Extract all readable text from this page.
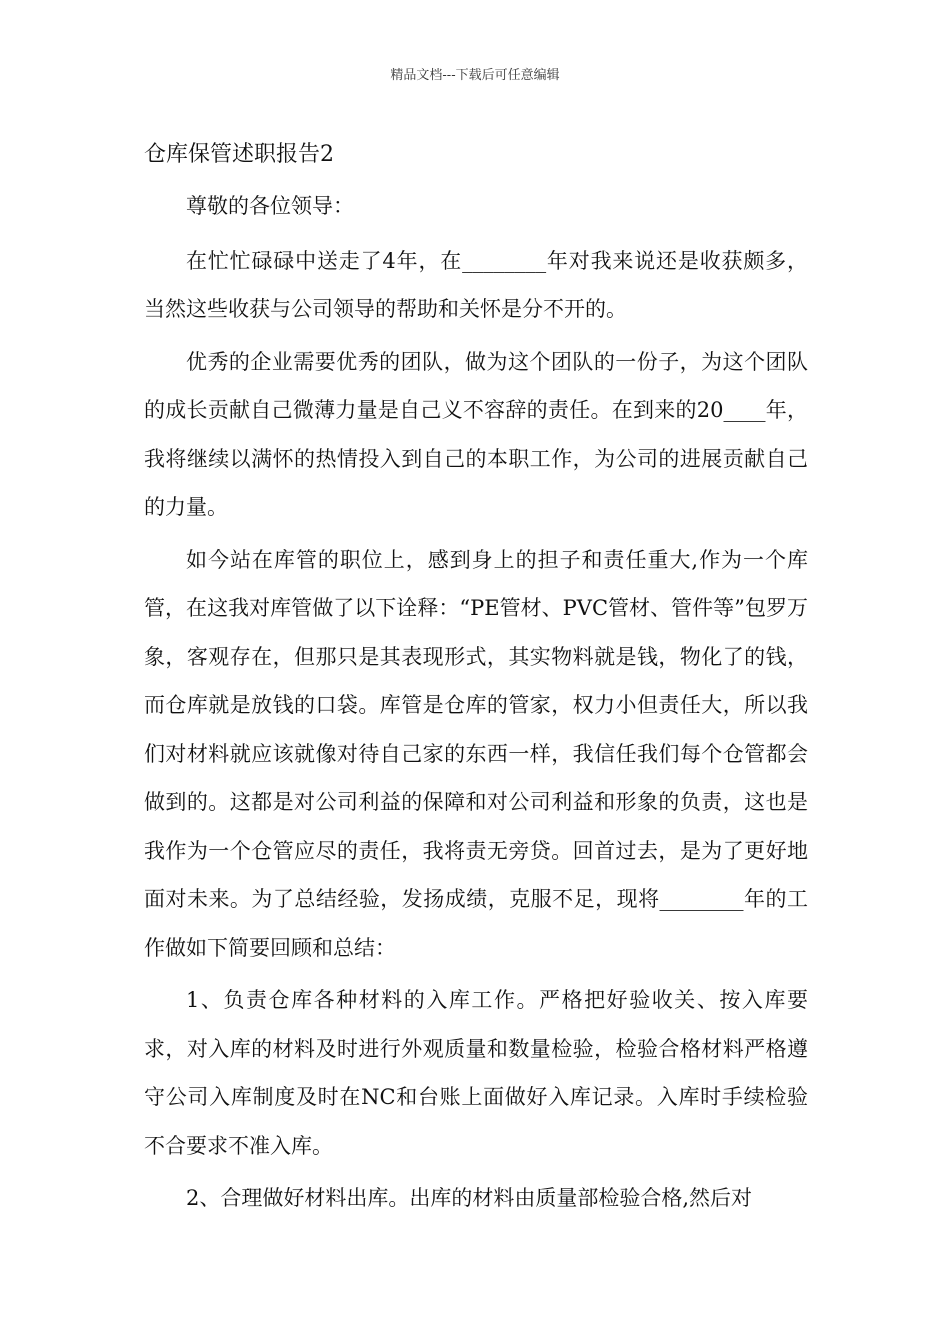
精品文档---下载后可任意编辑
仓库保管述职报告2

尊敬的各位领导：

在忙忙碌碌中送走了4年，在________年对我来说还是收获颇多，当然这些收获与公司领导的帮助和关怀是分不开的。

优秀的企业需要优秀的团队，做为这个团队的一份子，为这个团队的成长贡献自己微薄力量是自己义不容辞的责任。在到来的20____年，我将继续以满怀的热情投入到自己的本职工作，为公司的进展贡献自己的力量。

如今站在库管的职位上，感到身上的担子和责任重大,作为一个库管，在这我对库管做了以下诠释：“PE管材、PVC管材、管件等”包罗万象，客观存在，但那只是其表现形式，其实物料就是钱，物化了的钱，而仓库就是放钱的口袋。库管是仓库的管家，权力小但责任大，所以我们对材料就应该就像对待自己家的东西一样，我信任我们每个仓管都会做到的。这都是对公司利益的保障和对公司利益和形象的负责，这也是我作为一个仓管应尽的责任，我将责无旁贷。回首过去，是为了更好地面对未来。为了总结经验，发扬成绩，克服不足，现将________年的工作做如下简要回顾和总结：

1、负责仓库各种材料的入库工作。严格把好验收关、按入库要求，对入库的材料及时进行外观质量和数量检验，检验合格材料严格遵守公司入库制度及时在NC和台账上面做好入库记录。入库时手续检验不合要求不准入库。

2、合理做好材料出库。出库的材料由质量部检验合格,然后对
